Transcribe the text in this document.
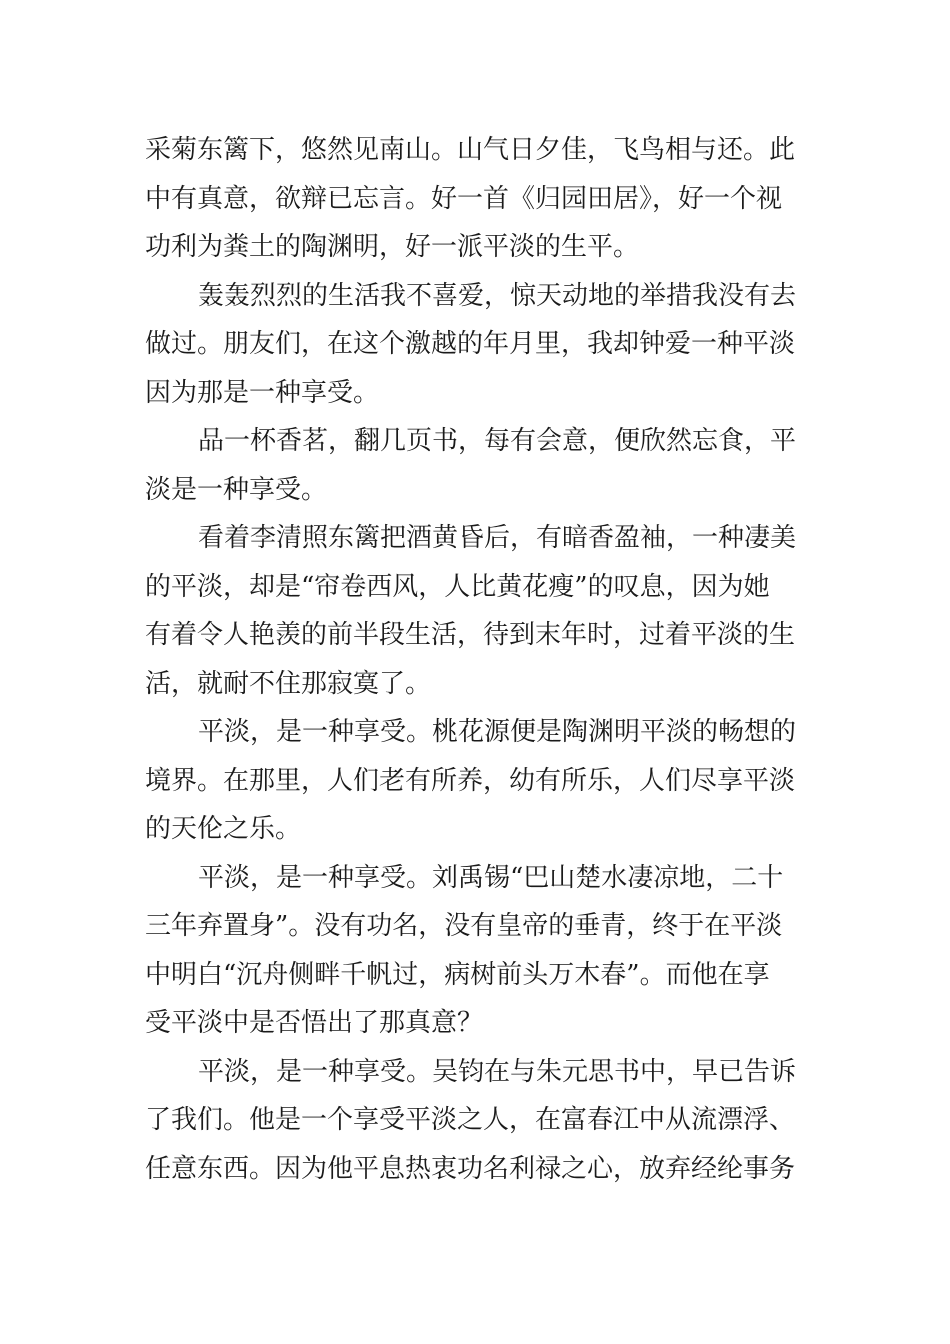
采菊东篱下，悠然见南山。山气日夕佳，飞鸟相与还。此
中有真意，欲辩已忘言。好一首《归园田居》，好一个视
功利为粪土的陶渊明，好一派平淡的生平。
轰轰烈烈的生活我不喜爱，惊天动地的举措我没有去
做过。朋友们，在这个激越的年月里，我却钟爱一种平淡
因为那是一种享受。
品一杯香茗，翻几页书，每有会意，便欣然忘食，平
淡是一种享受。
看着李清照东篱把酒黄昏后，有暗香盈袖，一种凄美
的平淡，却是“帘卷西风，人比黄花瘦”的叹息，因为她
有着令人艳羡的前半段生活，待到末年时，过着平淡的生
活，就耐不住那寂寞了。
平淡，是一种享受。桃花源便是陶渊明平淡的畅想的
境界。在那里，人们老有所养，幼有所乐，人们尽享平淡
的天伦之乐。
平淡，是一种享受。刘禹锡“巴山楚水凄凉地，二十
三年弃置身”。没有功名，没有皇帝的垂青，终于在平淡
中明白“沉舟侧畔千帆过，病树前头万木春”。而他在享
受平淡中是否悟出了那真意？
平淡，是一种享受。吴钧在与朱元思书中，早已告诉
了我们。他是一个享受平淡之人，在富春江中从流漂浮、
任意东西。因为他平息热衷功名利禄之心，放弃经纶事务
